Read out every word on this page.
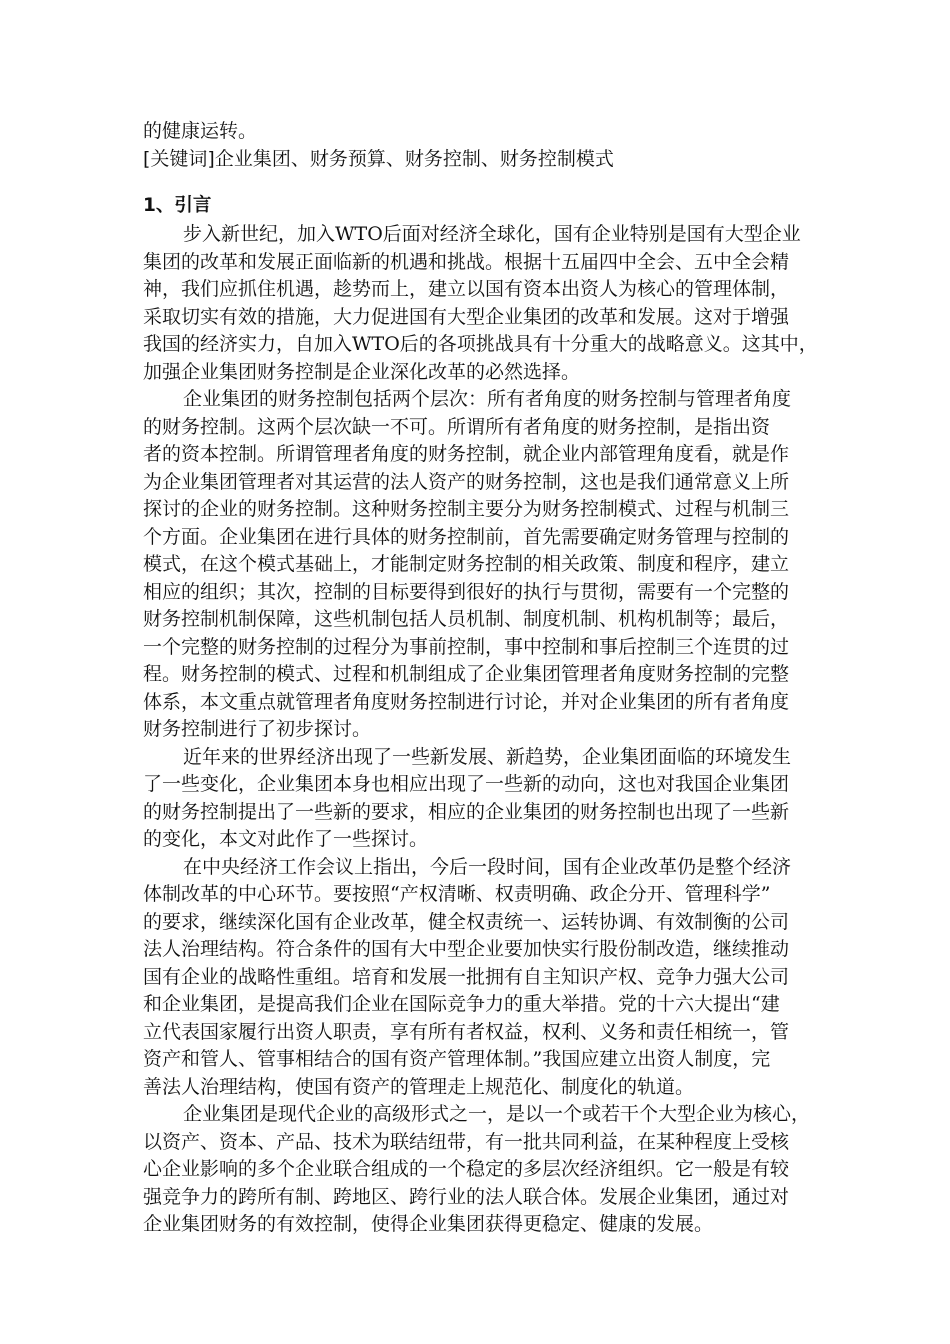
的健康运转。
[关键词]企业集团、财务预算、财务控制、财务控制模式
1、引言
步入新世纪，加入WTO后面对经济全球化，国有企业特别是国有大型企业
集团的改革和发展正面临新的机遇和挑战。根据十五届四中全会、五中全会精
神，我们应抓住机遇，趁势而上，建立以国有资本出资人为核心的管理体制，
采取切实有效的措施，大力促进国有大型企业集团的改革和发展。这对于增强
我国的经济实力，自加入WTO后的各项挑战具有十分重大的战略意义。这其中，
加强企业集团财务控制是企业深化改革的必然选择。
企业集团的财务控制包括两个层次：所有者角度的财务控制与管理者角度
的财务控制。这两个层次缺一不可。所谓所有者角度的财务控制，是指出资
者的资本控制。所谓管理者角度的财务控制，就企业内部管理角度看，就是作
为企业集团管理者对其运营的法人资产的财务控制，这也是我们通常意义上所
探讨的企业的财务控制。这种财务控制主要分为财务控制模式、过程与机制三
个方面。企业集团在进行具体的财务控制前，首先需要确定财务管理与控制的
模式，在这个模式基础上，才能制定财务控制的相关政策、制度和程序，建立
相应的组织；其次，控制的目标要得到很好的执行与贯彻，需要有一个完整的
财务控制机制保障，这些机制包括人员机制、制度机制、机构机制等；最后，
一个完整的财务控制的过程分为事前控制，事中控制和事后控制三个连贯的过
程。财务控制的模式、过程和机制组成了企业集团管理者角度财务控制的完整
体系，本文重点就管理者角度财务控制进行讨论，并对企业集团的所有者角度
财务控制进行了初步探讨。
近年来的世界经济出现了一些新发展、新趋势，企业集团面临的环境发生
了一些变化，企业集团本身也相应出现了一些新的动向，这也对我国企业集团
的财务控制提出了一些新的要求，相应的企业集团的财务控制也出现了一些新
的变化，本文对此作了一些探讨。
在中央经济工作会议上指出，今后一段时间，国有企业改革仍是整个经济
体制改革的中心环节。要按照“产权清晰、权责明确、政企分开、管理科学”
的要求，继续深化国有企业改革，健全权责统一、运转协调、有效制衡的公司
法人治理结构。符合条件的国有大中型企业要加快实行股份制改造，继续推动
国有企业的战略性重组。培育和发展一批拥有自主知识产权、竞争力强大公司
和企业集团，是提高我们企业在国际竞争力的重大举措。党的十六大提出“建
立代表国家履行出资人职责，享有所有者权益，权利、义务和责任相统一，管
资产和管人、管事相结合的国有资产管理体制。”我国应建立出资人制度，完
善法人治理结构，使国有资产的管理走上规范化、制度化的轨道。
企业集团是现代企业的高级形式之一，是以一个或若干个大型企业为核心，
以资产、资本、产品、技术为联结纽带，有一批共同利益，在某种程度上受核
心企业影响的多个企业联合组成的一个稳定的多层次经济组织。它一般是有较
强竞争力的跨所有制、跨地区、跨行业的法人联合体。发展企业集团，通过对
企业集团财务的有效控制，使得企业集团获得更稳定、健康的发展。
